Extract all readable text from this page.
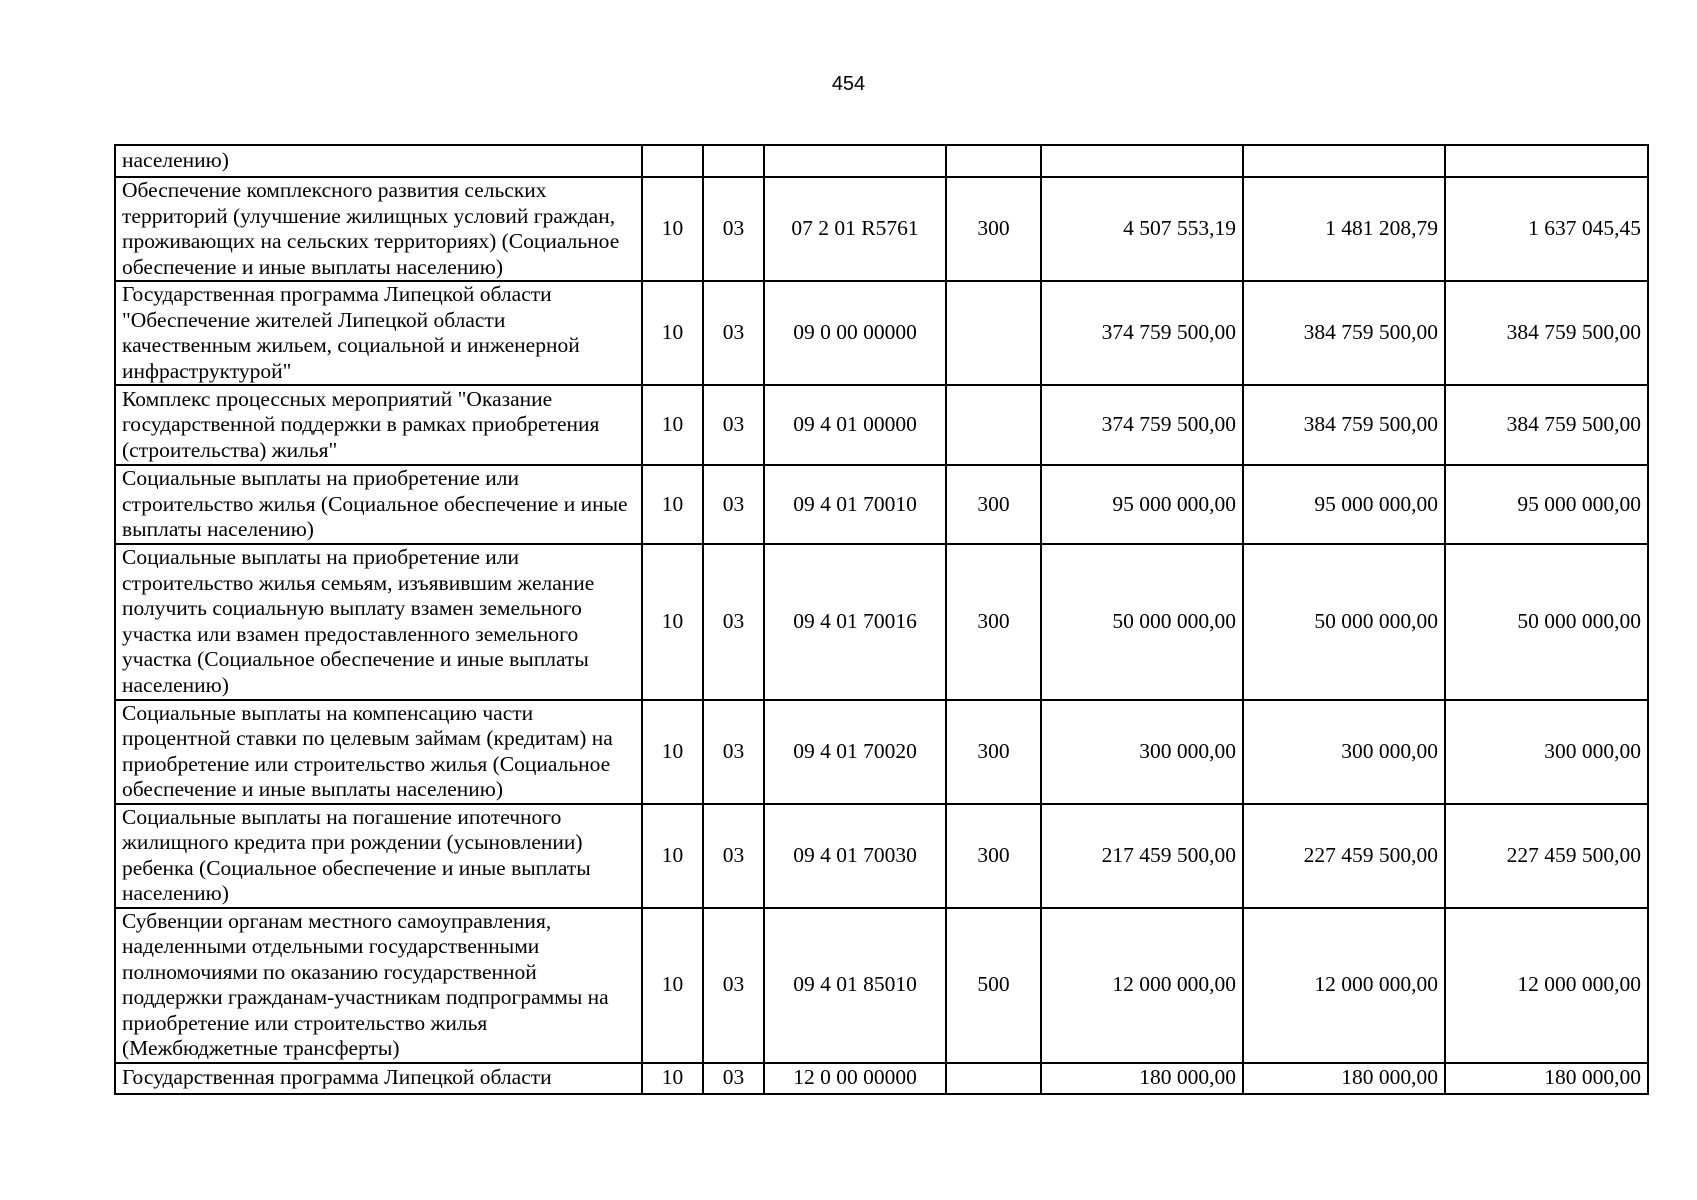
454
населению)							
Обеспечение комплексного развития сельских территорий (улучшение жилищных условий граждан, проживающих на сельских территориях) (Социальное обеспечение и иные выплаты населению)	10	03	07 2 01 R5761	300	4 507 553,19	1 481 208,79	1 637 045,45
Государственная программа Липецкой области "Обеспечение жителей Липецкой области качественным жильем, социальной и инженерной инфраструктурой"	10	03	09 0 00 00000		374 759 500,00	384 759 500,00	384 759 500,00
Комплекс процессных мероприятий "Оказание государственной поддержки в рамках приобретения (строительства) жилья"	10	03	09 4 01 00000		374 759 500,00	384 759 500,00	384 759 500,00
Социальные выплаты на приобретение или строительство жилья (Социальное обеспечение и иные выплаты населению)	10	03	09 4 01 70010	300	95 000 000,00	95 000 000,00	95 000 000,00
Социальные выплаты на приобретение или строительство жилья семьям, изъявившим желание получить социальную выплату взамен земельного участка или взамен предоставленного земельного участка (Социальное обеспечение и иные выплаты населению)	10	03	09 4 01 70016	300	50 000 000,00	50 000 000,00	50 000 000,00
Социальные выплаты на компенсацию части процентной ставки по целевым займам (кредитам) на приобретение или строительство жилья (Социальное обеспечение и иные выплаты населению)	10	03	09 4 01 70020	300	300 000,00	300 000,00	300 000,00
Социальные выплаты на погашение ипотечного жилищного кредита при рождении (усыновлении) ребенка (Социальное обеспечение и иные выплаты населению)	10	03	09 4 01 70030	300	217 459 500,00	227 459 500,00	227 459 500,00
Субвенции органам местного самоуправления, наделенными отдельными государственными полномочиями по оказанию государственной поддержки гражданам-участникам подпрограммы на приобретение или строительство жилья (Межбюджетные трансферты)	10	03	09 4 01 85010	500	12 000 000,00	12 000 000,00	12 000 000,00
Государственная программа Липецкой области	10	03	12 0 00 00000		180 000,00	180 000,00	180 000,00
